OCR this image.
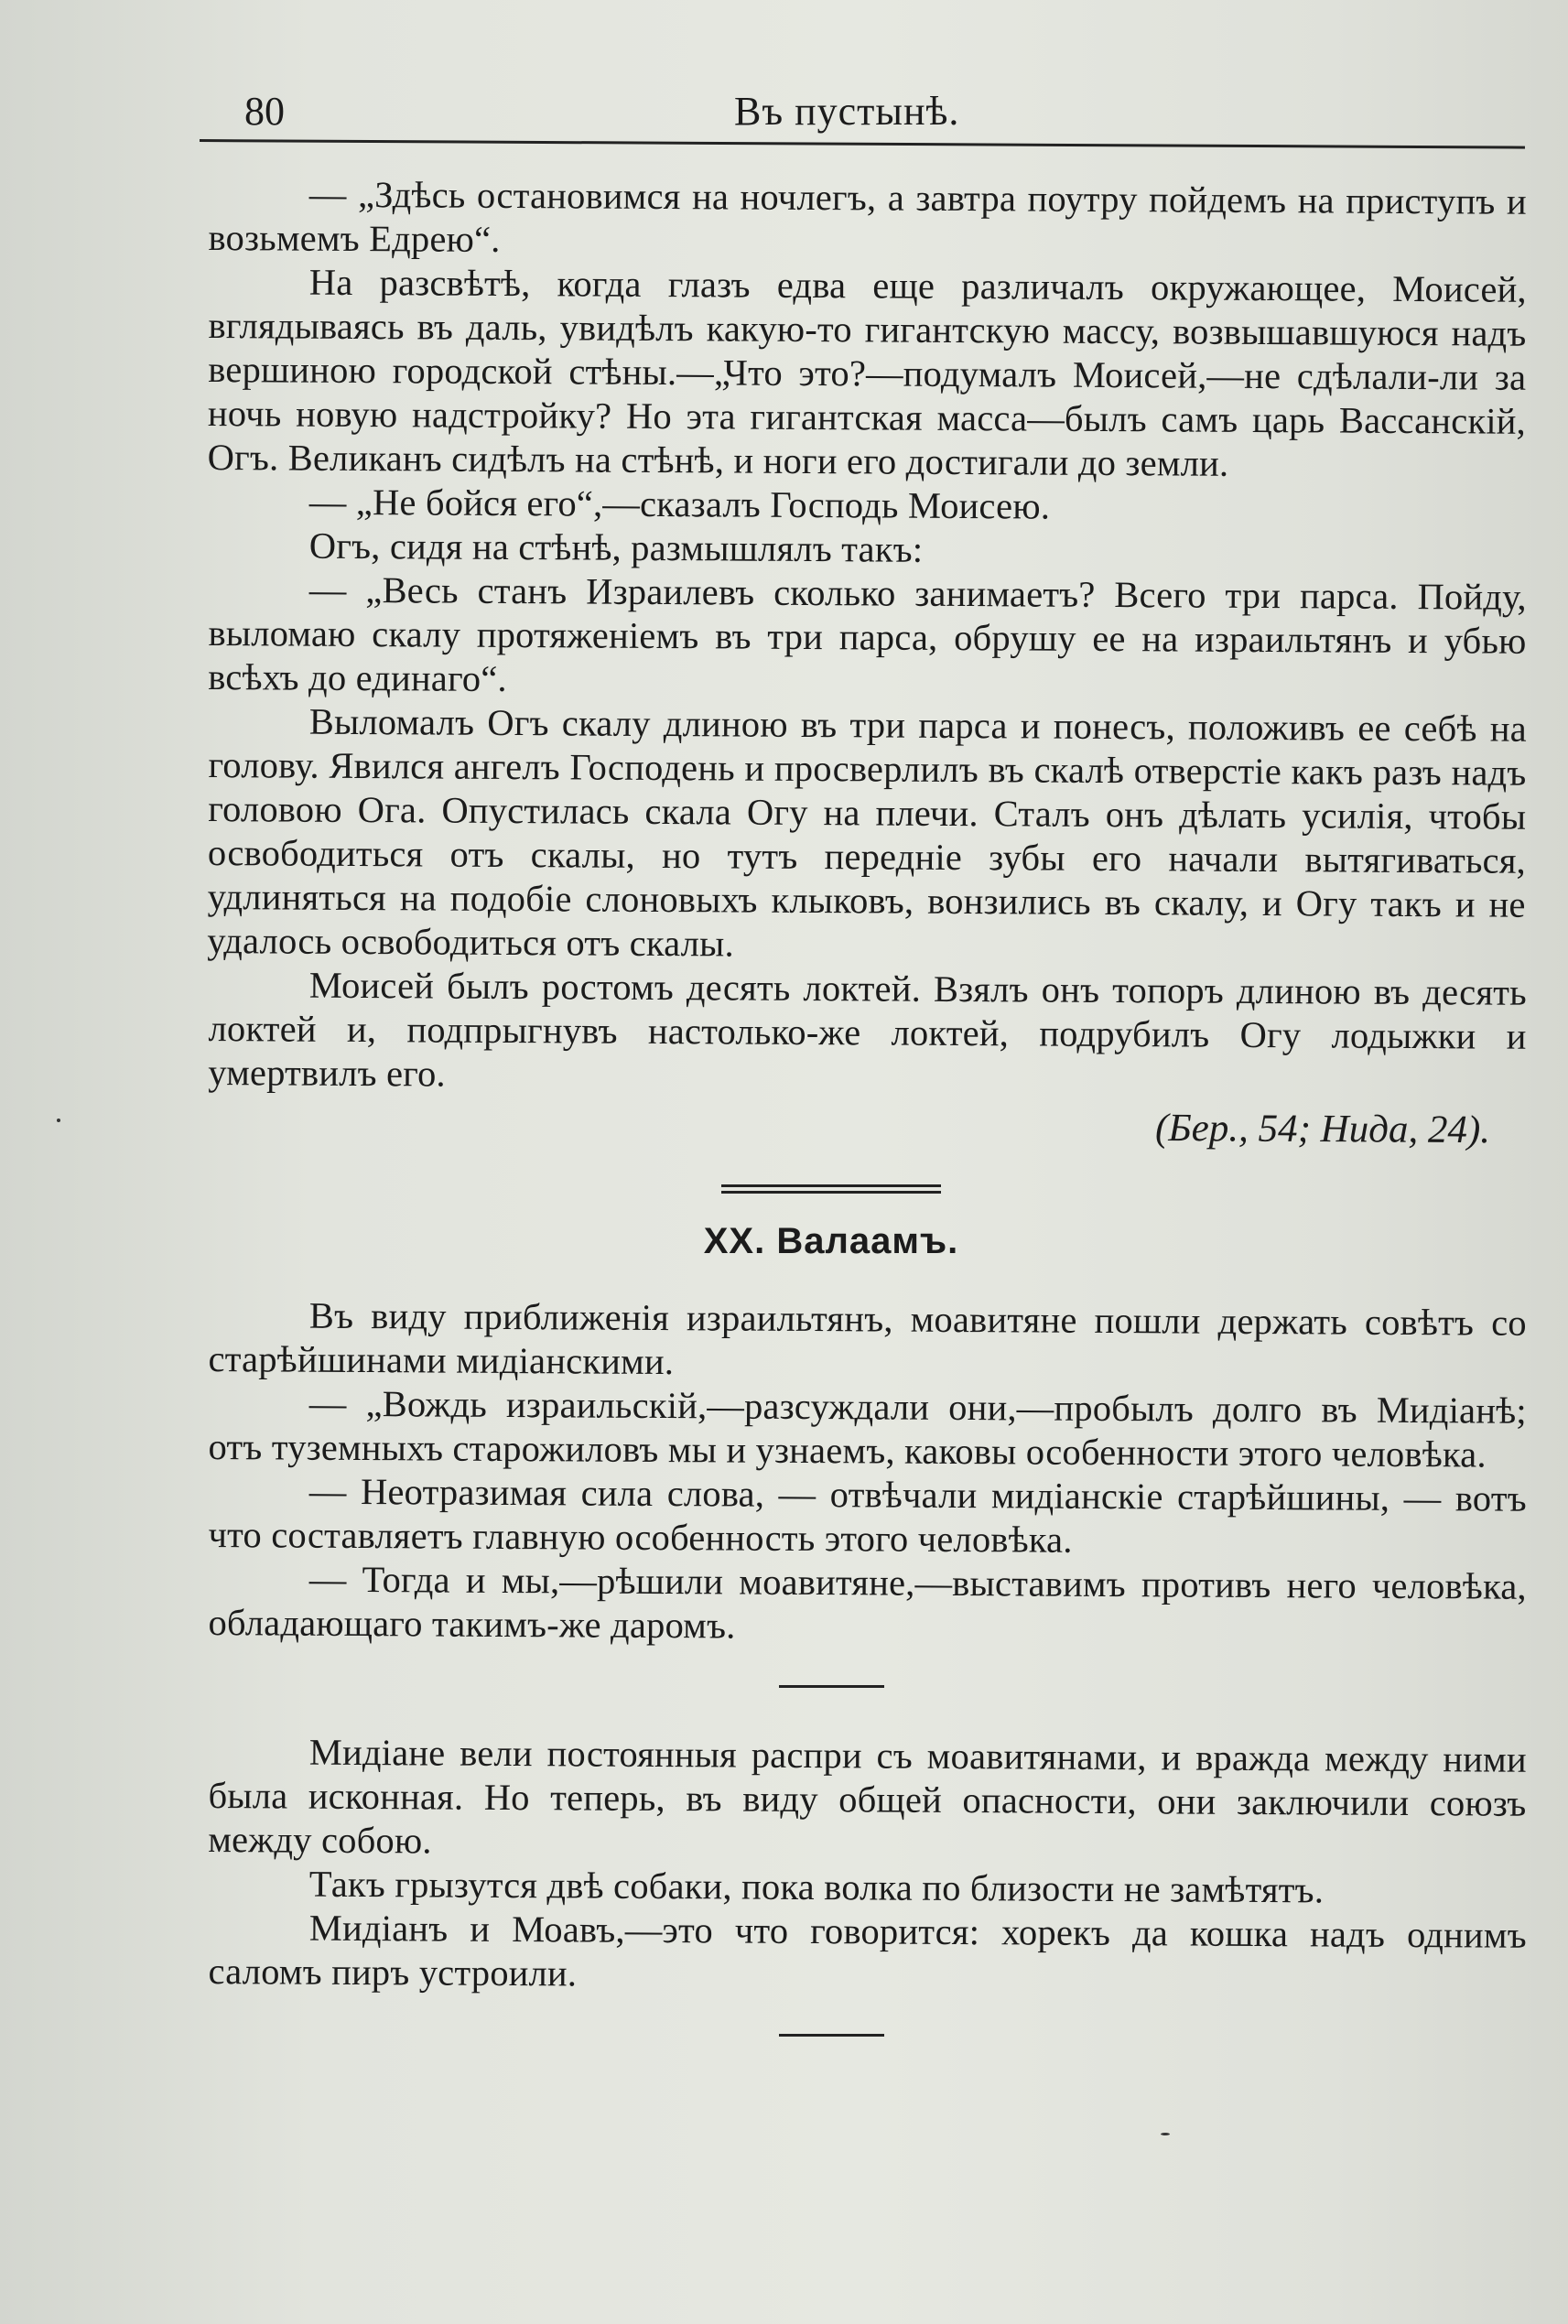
80	Въ пустынѣ.

— „Здѣсь остановимся на ночлегъ, а завтра поутру пойдемъ на приступъ и возьмемъ Едрею“.

На разсвѣтѣ, когда глазъ едва еще различалъ окружающее, Моисей, вглядываясь въ даль, увидѣлъ какую-то гигантскую массу, возвышавшуюся надъ вершиною городской стѣны.—„Что это?—подумалъ Моисей,—не сдѣлали-ли за ночь новую надстройку? Но эта гигантская масса—былъ самъ царь Вассанскій, Огъ. Великанъ сидѣлъ на стѣнѣ, и ноги его достигали до земли.

— „Не бойся его“,—сказалъ Господь Моисею.

Огъ, сидя на стѣнѣ, размышлялъ такъ:

— „Весь станъ Израилевъ сколько занимаетъ? Всего три парса. Пойду, выломаю скалу протяженіемъ въ три парса, обрушу ее на израильтянъ и убью всѣхъ до единаго“.

Выломалъ Огъ скалу длиною въ три парса и понесъ, положивъ ее себѣ на голову. Явился ангелъ Господень и просверлилъ въ скалѣ отверстіе какъ разъ надъ головою Ога. Опустилась скала Огу на плечи. Сталъ онъ дѣлать усилія, чтобы освободиться отъ скалы, но тутъ передніе зубы его начали вытягиваться, удлиняться на подобіе слоновыхъ клыковъ, вонзились въ скалу, и Огу такъ и не удалось освободиться отъ скалы.

Моисей былъ ростомъ десять локтей. Взялъ онъ топоръ длиною въ десять локтей и, подпрыгнувъ настолько-же локтей, подрубилъ Огу лодыжки и умертвилъ его.

(Бер., 54; Нида, 24).
XX. Валаамъ.

Въ виду приближенія израильтянъ, моавитяне пошли держать совѣтъ со старѣйшинами мидіанскими.

— „Вождь израильскій,—разсуждали они,—пробылъ долго въ Мидіанѣ; отъ туземныхъ старожиловъ мы и узнаемъ, каковы особенности этого человѣка.

— Неотразимая сила слова, — отвѣчали мидіанскіе старѣйшины, — вотъ что составляетъ главную особенность этого человѣка.

— Тогда и мы,—рѣшили моавитяне,—выставимъ противъ него человѣка, обладающаго такимъ-же даромъ.

Мидіане вели постоянныя распри съ моавитянами, и вражда между ними была исконная. Но теперь, въ виду общей опасности, они заключили союзъ между собою.

Такъ грызутся двѣ собаки, пока волка по близости не замѣтятъ.

Мидіанъ и Моавъ,—это что говорится: хорекъ да кошка надъ однимъ саломъ пиръ устроили.
